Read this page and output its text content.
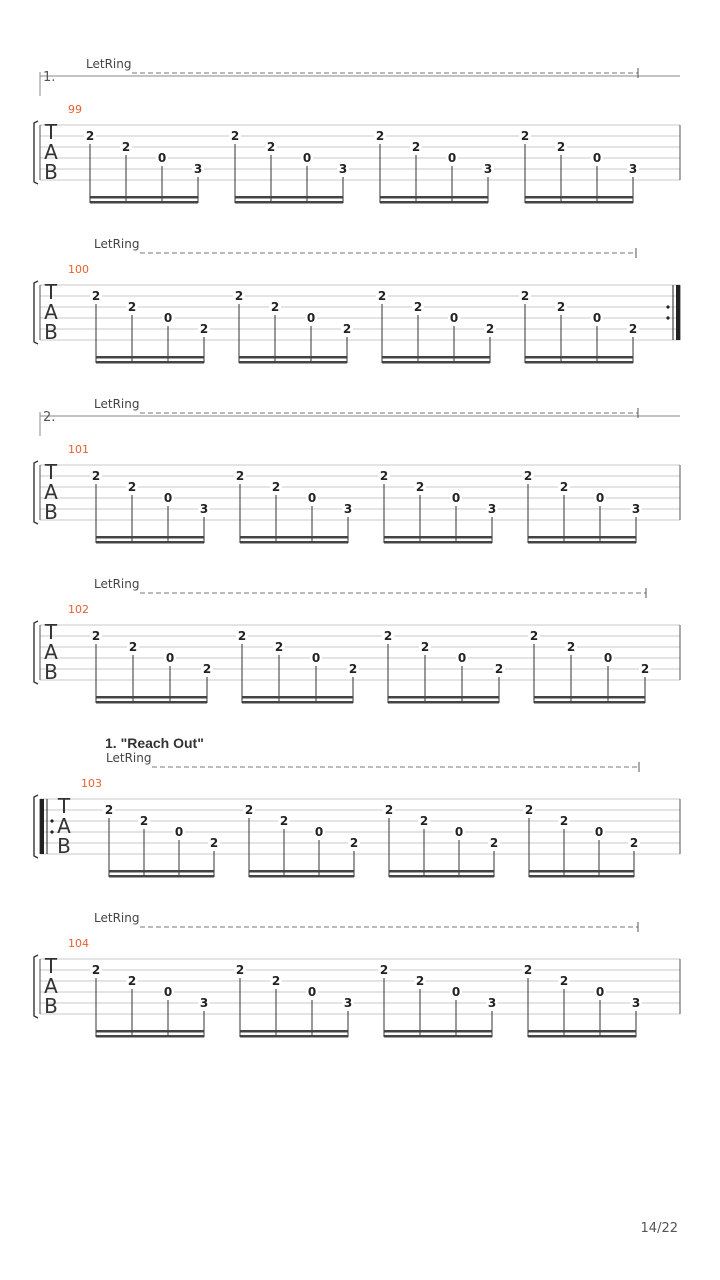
1.
LetRing
T
A
B
99
2
2
0
3
2
2
0
3
2
2
0
3
2
2
0
3
LetRing
T
A
B
100
2
2
0
2
2
2
0
2
2
2
0
2
2
2
0
2
2.
LetRing
T
A
B
101
2
2
0
3
2
2
0
3
2
2
0
3
2
2
0
3
LetRing
T
A
B
102
2
2
0
2
2
2
0
2
2
2
0
2
2
2
0
2
1. "Reach Out"
LetRing
T
A
B
103
2
2
0
2
2
2
0
2
2
2
0
2
2
2
0
2
LetRing
T
A
B
104
2
2
0
3
2
2
0
3
2
2
0
3
2
2
0
3
14/22
